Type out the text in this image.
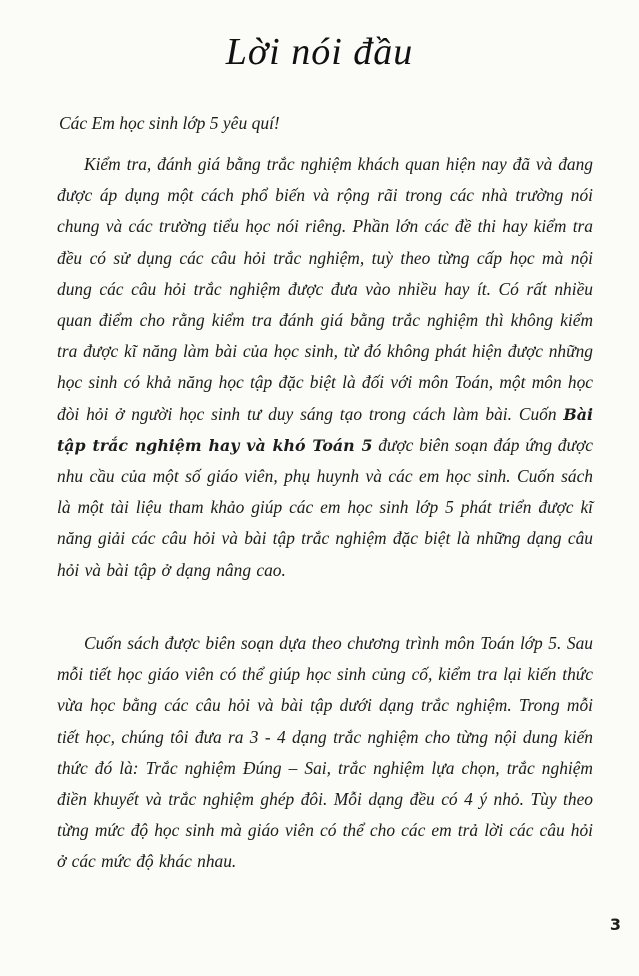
Lời nói đầu
Các Em học sinh lớp 5 yêu quí!

Kiểm tra, đánh giá bằng trắc nghiệm khách quan hiện nay đã và đang được áp dụng một cách phổ biến và rộng rãi trong các nhà trường nói chung và các trường tiểu học nói riêng. Phần lớn các đề thi hay kiểm tra đều có sử dụng các câu hỏi trắc nghiệm, tuỳ theo từng cấp học mà nội dung các câu hỏi trắc nghiệm được đưa vào nhiều hay ít. Có rất nhiều quan điểm cho rằng kiểm tra đánh giá bằng trắc nghiệm thì không kiểm tra được kĩ năng làm bài của học sinh, từ đó không phát hiện được những học sinh có khả năng học tập đặc biệt là đối với môn Toán, một môn học đòi hỏi ở người học sinh tư duy sáng tạo trong cách làm bài. Cuốn Bài tập trắc nghiệm hay và khó Toán 5 được biên soạn đáp ứng được nhu cầu của một số giáo viên, phụ huynh và các em học sinh. Cuốn sách là một tài liệu tham khảo giúp các em học sinh lớp 5 phát triển được kĩ năng giải các câu hỏi và bài tập trắc nghiệm đặc biệt là những dạng câu hỏi và bài tập ở dạng nâng cao.

Cuốn sách được biên soạn dựa theo chương trình môn Toán lớp 5. Sau mỗi tiết học giáo viên có thể giúp học sinh củng cố, kiểm tra lại kiến thức vừa học bằng các câu hỏi và bài tập dưới dạng trắc nghiệm. Trong mỗi tiết học, chúng tôi đưa ra 3 - 4 dạng trắc nghiệm cho từng nội dung kiến thức đó là: Trắc nghiệm Đúng – Sai, trắc nghiệm lựa chọn, trắc nghiệm điền khuyết và trắc nghiệm ghép đôi. Mỗi dạng đều có 4 ý nhỏ. Tùy theo từng mức độ học sinh mà giáo viên có thể cho các em trả lời các câu hỏi ở các mức độ khác nhau.

3
